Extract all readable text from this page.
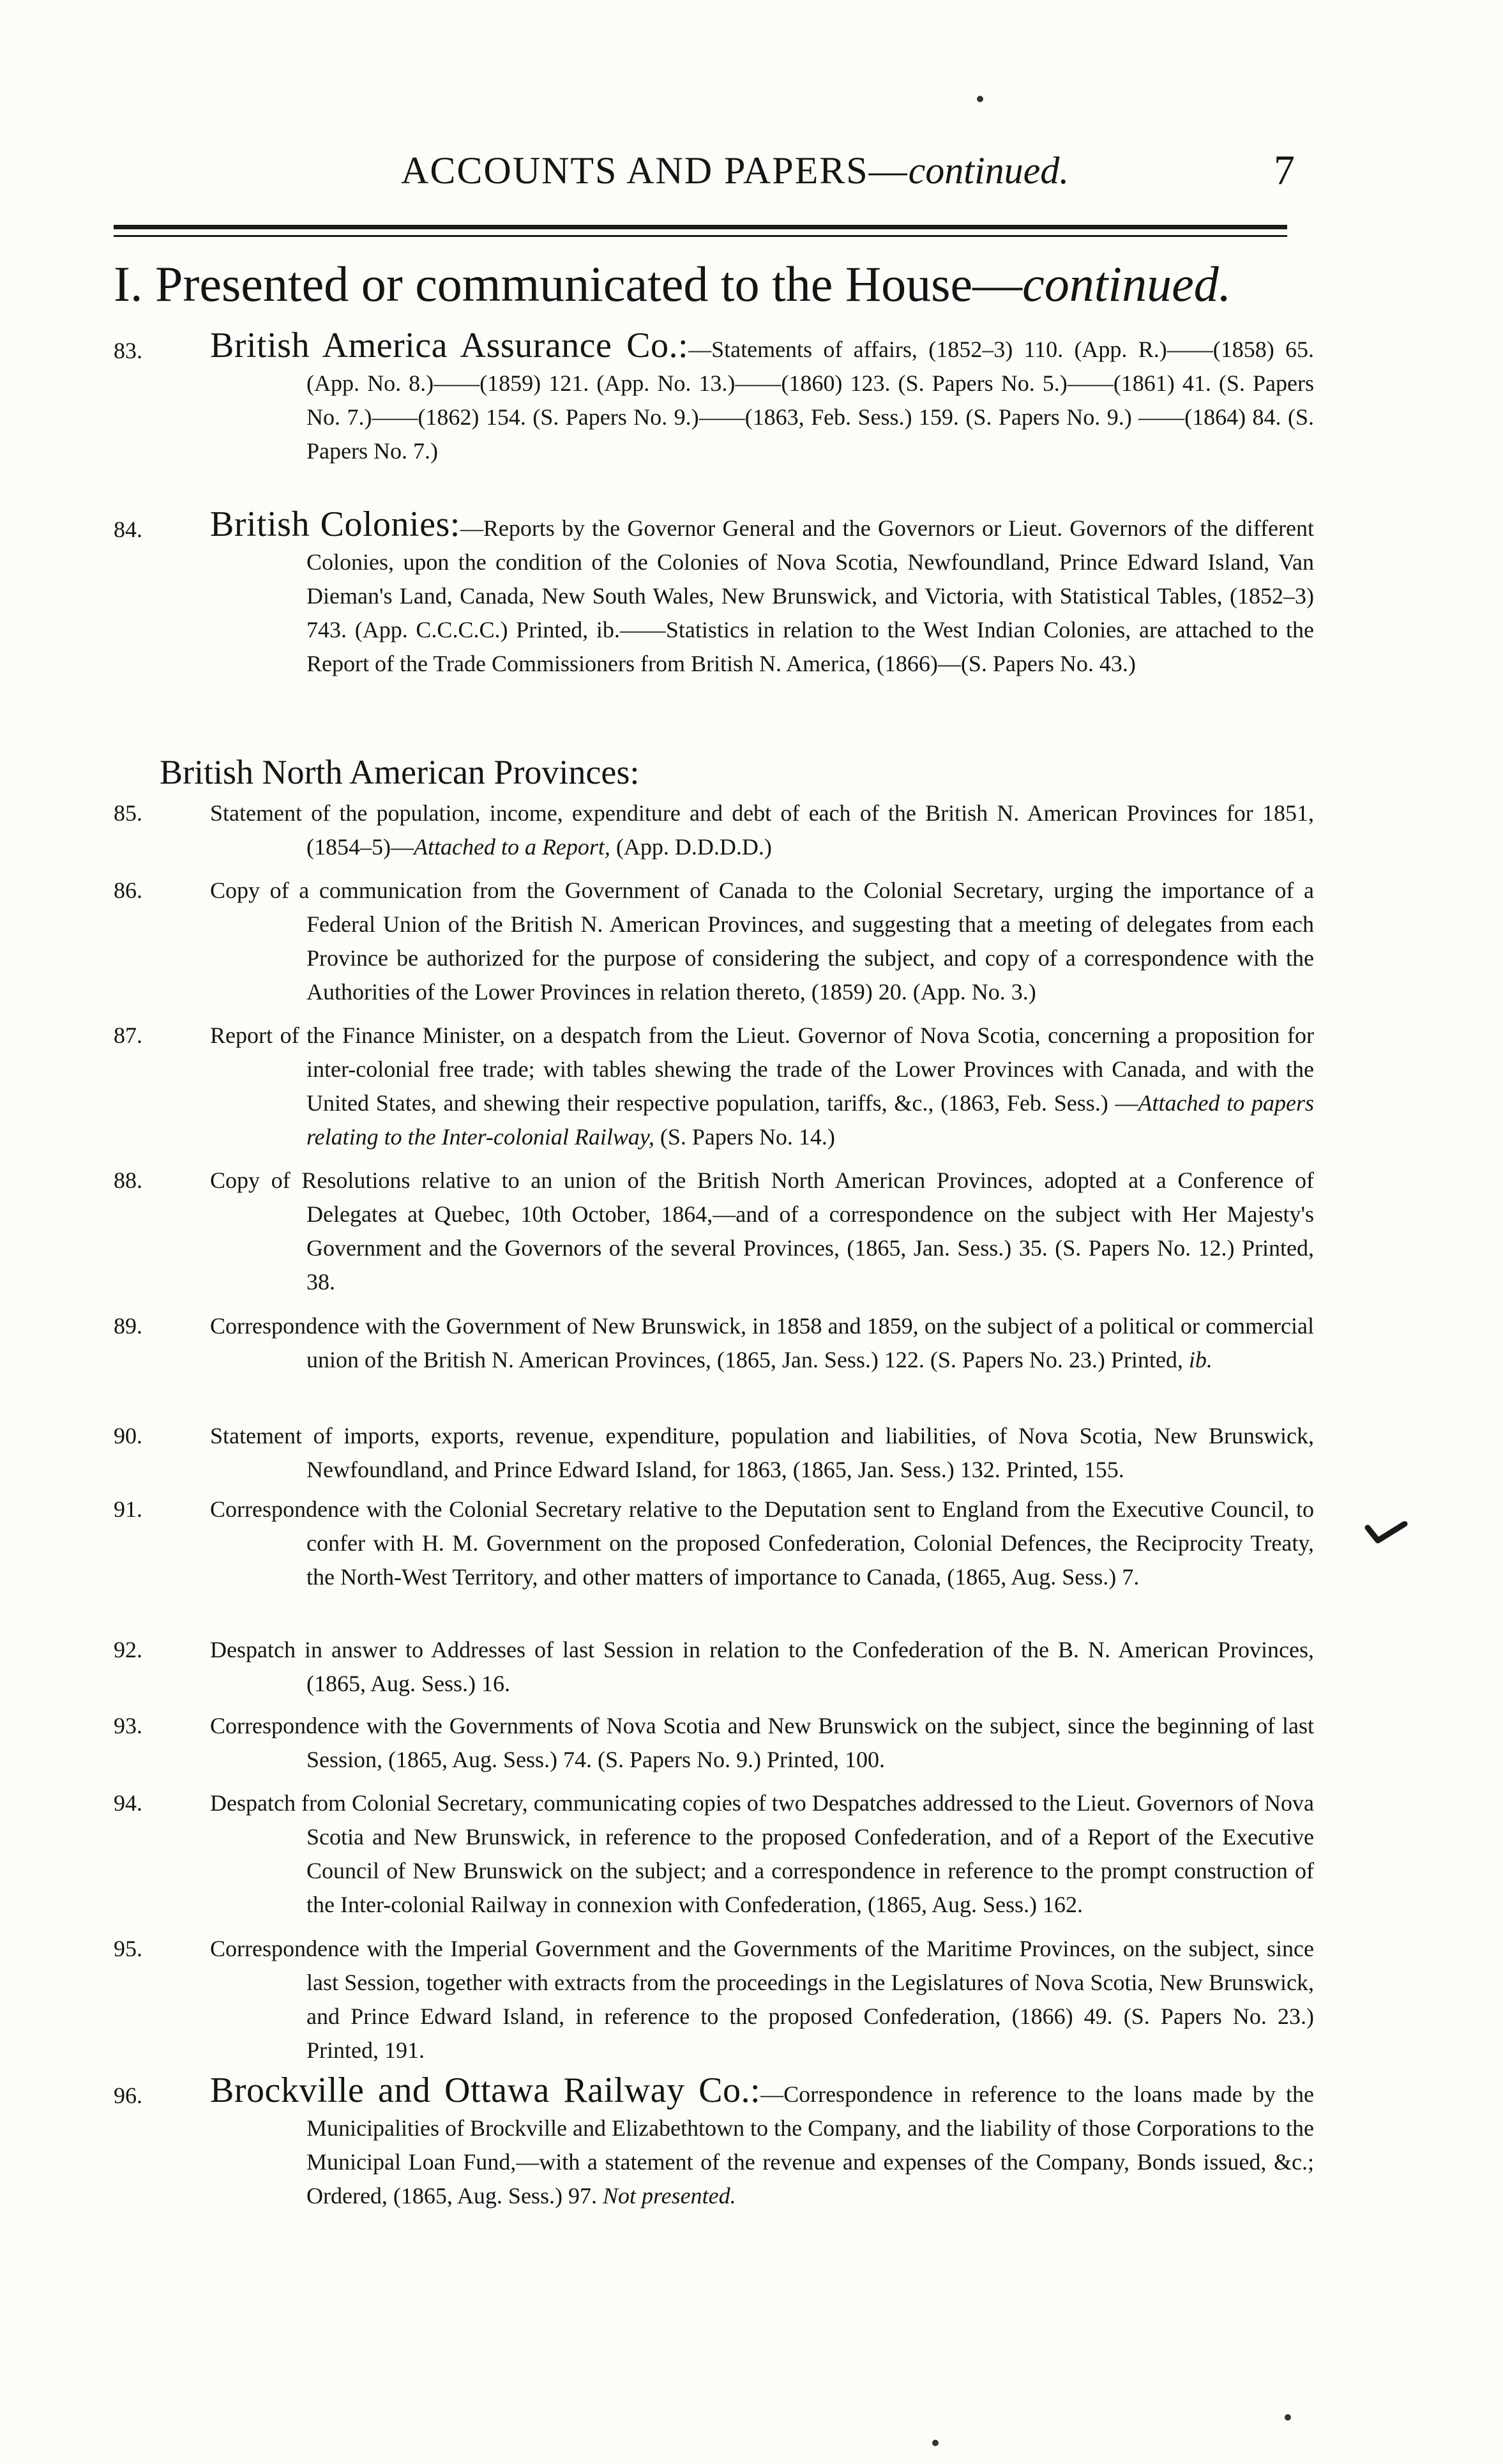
ACCOUNTS AND PAPERS—continued.	7
I. Presented or communicated to the House—continued.
83.	British America Assurance Co.:—Statements of affairs, (1852–3) 110. (App. R.)——(1858) 65. (App. No. 8.)——(1859) 121. (App. No. 13.)——(1860) 123. (S. Papers No. 5.)——(1861) 41. (S. Papers No. 7.)——(1862) 154. (S. Papers No. 9.)——(1863, Feb. Sess.) 159. (S. Papers No. 9.) ——(1864) 84. (S. Papers No. 7.)
84.	British Colonies:—Reports by the Governor General and the Governors or Lieut. Governors of the different Colonies, upon the condition of the Colonies of Nova Scotia, Newfoundland, Prince Edward Island, Van Dieman's Land, Canada, New South Wales, New Brunswick, and Victoria, with Statistical Tables, (1852–3) 743. (App. C.C.C.C.) Printed, ib.——Statistics in relation to the West Indian Colonies, are attached to the Report of the Trade Commissioners from British N. America, (1866)—(S. Papers No. 43.)
British North American Provinces:
85.	Statement of the population, income, expenditure and debt of each of the British N. American Provinces for 1851, (1854–5)—Attached to a Report, (App. D.D.D.D.)
86.	Copy of a communication from the Government of Canada to the Colonial Secretary, urging the importance of a Federal Union of the British N. American Provinces, and suggesting that a meeting of delegates from each Province be authorized for the purpose of considering the subject, and copy of a correspondence with the Authorities of the Lower Provinces in relation thereto, (1859) 20. (App. No. 3.)
87.	Report of the Finance Minister, on a despatch from the Lieut. Governor of Nova Scotia, concerning a proposition for inter-colonial free trade; with tables shewing the trade of the Lower Provinces with Canada, and with the United States, and shewing their respective population, tariffs, &c., (1863, Feb. Sess.) —Attached to papers relating to the Inter-colonial Railway, (S. Papers No. 14.)
88.	Copy of Resolutions relative to an union of the British North American Provinces, adopted at a Conference of Delegates at Quebec, 10th October, 1864,—and of a correspondence on the subject with Her Majesty's Government and the Governors of the several Provinces, (1865, Jan. Sess.) 35. (S. Papers No. 12.) Printed, 38.
89.	Correspondence with the Government of New Brunswick, in 1858 and 1859, on the subject of a political or commercial union of the British N. American Provinces, (1865, Jan. Sess.) 122. (S. Papers No. 23.) Printed, ib.
90.	Statement of imports, exports, revenue, expenditure, population and liabilities, of Nova Scotia, New Brunswick, Newfoundland, and Prince Edward Island, for 1863, (1865, Jan. Sess.) 132. Printed, 155.
91.	Correspondence with the Colonial Secretary relative to the Deputation sent to England from the Executive Council, to confer with H. M. Government on the proposed Confederation, Colonial Defences, the Reciprocity Treaty, the North-West Territory, and other matters of importance to Canada, (1865, Aug. Sess.) 7.
92.	Despatch in answer to Addresses of last Session in relation to the Confederation of the B. N. American Provinces, (1865, Aug. Sess.) 16.
93.	Correspondence with the Governments of Nova Scotia and New Brunswick on the subject, since the beginning of last Session, (1865, Aug. Sess.) 74. (S. Papers No. 9.) Printed, 100.
94.	Despatch from Colonial Secretary, communicating copies of two Despatches addressed to the Lieut. Governors of Nova Scotia and New Brunswick, in reference to the proposed Confederation, and of a Report of the Executive Council of New Brunswick on the subject; and a correspondence in reference to the prompt construction of the Inter-colonial Railway in connexion with Confederation, (1865, Aug. Sess.) 162.
95.	Correspondence with the Imperial Government and the Governments of the Maritime Provinces, on the subject, since last Session, together with extracts from the proceedings in the Legislatures of Nova Scotia, New Brunswick, and Prince Edward Island, in reference to the proposed Confederation, (1866) 49. (S. Papers No. 23.) Printed, 191.
96.	Brockville and Ottawa Railway Co.:—Correspondence in reference to the loans made by the Municipalities of Brockville and Elizabethtown to the Company, and the liability of those Corporations to the Municipal Loan Fund,—with a statement of the revenue and expenses of the Company, Bonds issued, &c.; Ordered, (1865, Aug. Sess.) 97. Not presented.
